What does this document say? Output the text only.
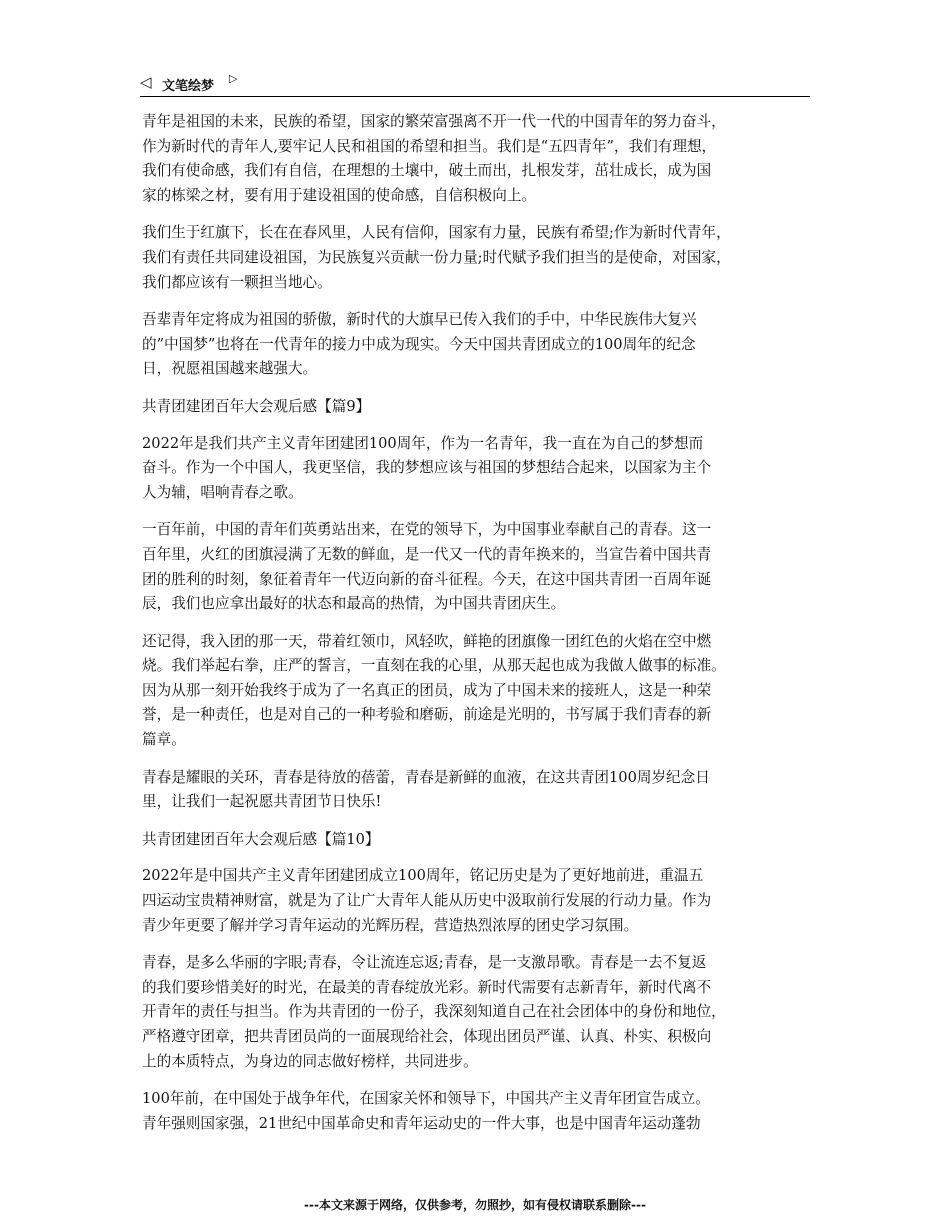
◁ 文笔绘梦
▷
青年是祖国的未来，民族的希望，国家的繁荣富强离不开一代一代的中国青年的努力奋斗，
作为新时代的青年人,要牢记人民和祖国的希望和担当。我们是“五四青年”，我们有理想，
我们有使命感，我们有自信，在理想的土壤中，破土而出，扎根发芽，茁壮成长，成为国
家的栋梁之材，要有用于建设祖国的使命感，自信积极向上。
我们生于红旗下，长在在春风里，人民有信仰，国家有力量，民族有希望;作为新时代青年，
我们有责任共同建设祖国，为民族复兴贡献一份力量;时代赋予我们担当的是使命，对国家，
我们都应该有一颗担当地心。
吾辈青年定将成为祖国的骄傲，新时代的大旗早已传入我们的手中，中华民族伟大复兴
的”中国梦”也将在一代青年的接力中成为现实。今天中国共青团成立的100周年的纪念
日，祝愿祖国越来越强大。
共青团建团百年大会观后感【篇9】
2022年是我们共产主义青年团建团100周年，作为一名青年，我一直在为自己的梦想而
奋斗。作为一个中国人，我更坚信，我的梦想应该与祖国的梦想结合起来，以国家为主个
人为辅，唱响青春之歌。
一百年前，中国的青年们英勇站出来，在党的领导下，为中国事业奉献自己的青春。这一
百年里，火红的团旗浸满了无数的鲜血，是一代又一代的青年换来的，当宣告着中国共青
团的胜利的时刻，象征着青年一代迈向新的奋斗征程。今天，在这中国共青团一百周年诞
辰，我们也应拿出最好的状态和最高的热情，为中国共青团庆生。
还记得，我入团的那一天，带着红领巾，风轻吹，鲜艳的团旗像一团红色的火焰在空中燃
烧。我们举起右拳，庄严的誓言，一直刻在我的心里，从那天起也成为我做人做事的标准。
因为从那一刻开始我终于成为了一名真正的团员，成为了中国未来的接班人，这是一种荣
誉，是一种责任，也是对自己的一种考验和磨砺，前途是光明的，书写属于我们青春的新
篇章。
青春是耀眼的关环，青春是待放的蓓蕾，青春是新鲜的血液，在这共青团100周岁纪念日
里，让我们一起祝愿共青团节日快乐!
共青团建团百年大会观后感【篇10】
2022年是中国共产主义青年团建团成立100周年，铭记历史是为了更好地前进，重温五
四运动宝贵精神财富，就是为了让广大青年人能从历史中汲取前行发展的行动力量。作为
青少年更要了解并学习青年运动的光辉历程，营造热烈浓厚的团史学习氛围。
青春，是多么华丽的字眼;青春，令让流连忘返;青春，是一支激昂歌。青春是一去不复返
的我们要珍惜美好的时光，在最美的青春绽放光彩。新时代需要有志新青年，新时代离不
开青年的责任与担当。作为共青团的一份子，我深刻知道自己在社会团体中的身份和地位，
严格遵守团章，把共青团员尚的一面展现给社会，体现出团员严谨、认真、朴实、积极向
上的本质特点，为身边的同志做好榜样，共同进步。
100年前，在中国处于战争年代，在国家关怀和领导下，中国共产主义青年团宣告成立。
青年强则国家强，21世纪中国革命史和青年运动史的一件大事，也是中国青年运动蓬勃
---本文来源于网络，仅供参考，勿照抄，如有侵权请联系删除---
